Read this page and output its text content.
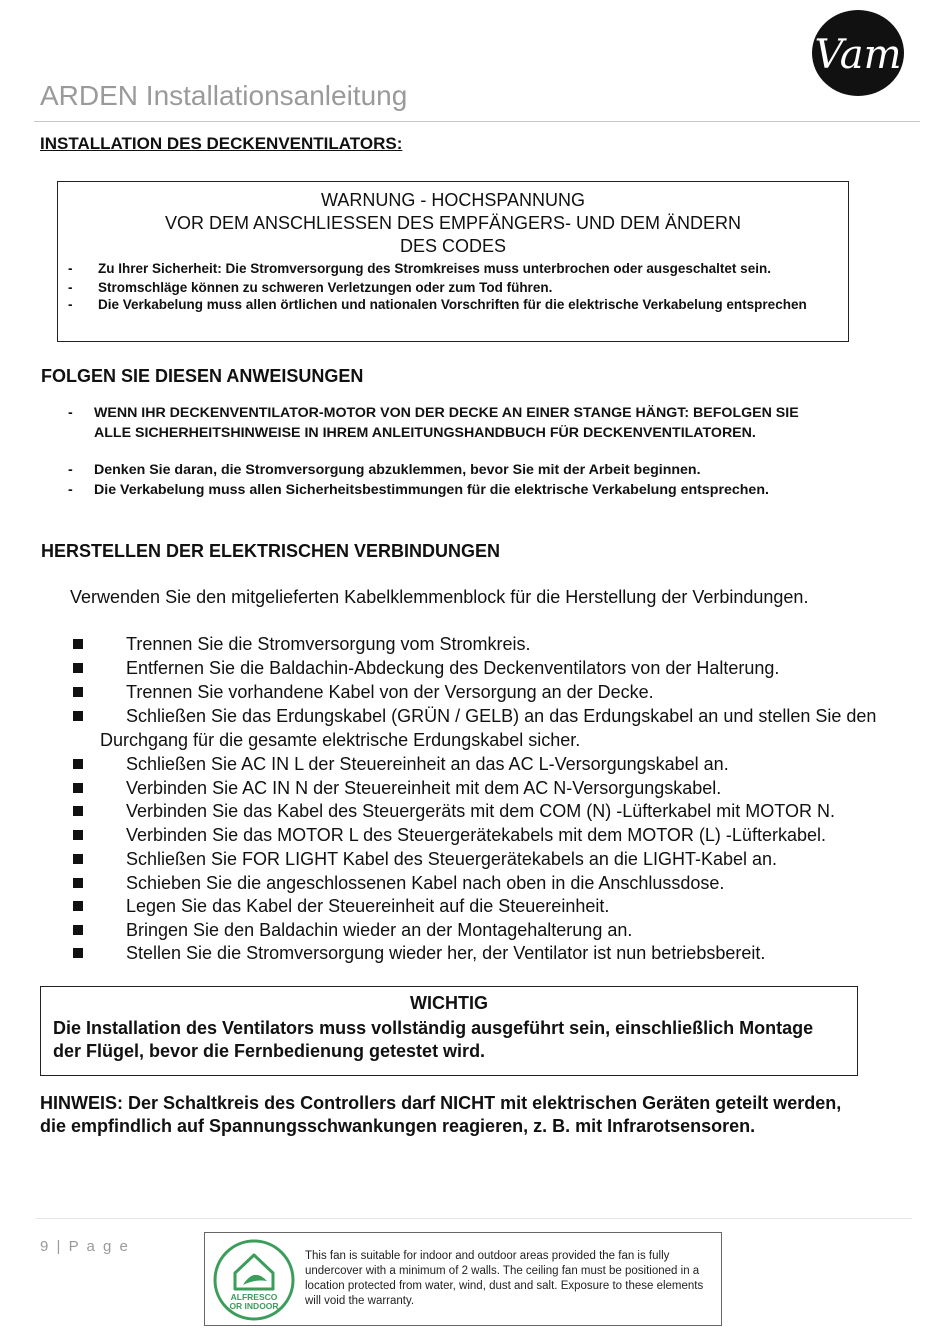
Vam
ARDEN Installationsanleitung
INSTALLATION DES DECKENVENTILATORS:
WARNUNG - HOCHSPANNUNG
VOR DEM ANSCHLIESSEN DES EMPFÄNGERS- UND DEM ÄNDERN
DES CODES
- Zu Ihrer Sicherheit: Die Stromversorgung des Stromkreises muss unterbrochen oder ausgeschaltet sein.
- Stromschläge können zu schweren Verletzungen oder zum Tod führen.
- Die Verkabelung muss allen örtlichen und nationalen Vorschriften für die elektrische Verkabelung entsprechen
FOLGEN SIE DIESEN ANWEISUNGEN
- WENN IHR DECKENVENTILATOR-MOTOR VON DER DECKE AN EINER STANGE HÄNGT: BEFOLGEN SIE ALLE SICHERHEITSHINWEISE IN IHREM ANLEITUNGSHANDBUCH FÜR DECKENVENTILATOREN.
- Denken Sie daran, die Stromversorgung abzuklemmen, bevor Sie mit der Arbeit beginnen.
- Die Verkabelung muss allen Sicherheitsbestimmungen für die elektrische Verkabelung entsprechen.
HERSTELLEN DER ELEKTRISCHEN VERBINDUNGEN
Verwenden Sie den mitgelieferten Kabelklemmenblock für die Herstellung der Verbindungen.
Trennen Sie die Stromversorgung vom Stromkreis.
Entfernen Sie die Baldachin-Abdeckung des Deckenventilators von der Halterung.
Trennen Sie vorhandene Kabel von der Versorgung an der Decke.
Schließen Sie das Erdungskabel (GRÜN / GELB) an das Erdungskabel an und stellen Sie den Durchgang für die gesamte elektrische Erdungskabel sicher.
Schließen Sie AC IN L der Steuereinheit an das AC L-Versorgungskabel an.
Verbinden Sie AC IN N der Steuereinheit mit dem AC N-Versorgungskabel.
Verbinden Sie das Kabel des Steuergeräts mit dem COM (N) -Lüfterkabel mit MOTOR N.
Verbinden Sie das MOTOR L des Steuergerätekabels mit dem MOTOR (L) -Lüfterkabel.
Schließen Sie FOR LIGHT Kabel des Steuergerätekabels an die LIGHT-Kabel an.
Schieben Sie die angeschlossenen Kabel nach oben in die Anschlussdose.
Legen Sie das Kabel der Steuereinheit auf die Steuereinheit.
Bringen Sie den Baldachin wieder an der Montagehalterung an.
Stellen Sie die Stromversorgung wieder her, der Ventilator ist nun betriebsbereit.
WICHTIG
Die Installation des Ventilators muss vollständig ausgeführt sein, einschließlich Montage der Flügel, bevor die Fernbedienung getestet wird.
HINWEIS: Der Schaltkreis des Controllers darf NICHT mit elektrischen Geräten geteilt werden, die empfindlich auf Spannungsschwankungen reagieren, z. B. mit Infrarotsensoren.
9 | P a g e
ALFRESCO
OR INDOOR
This fan is suitable for indoor and outdoor areas provided the fan is fully undercover with a minimum of 2 walls. The ceiling fan must be positioned in a location protected from water, wind, dust and salt. Exposure to these elements will void the warranty.
